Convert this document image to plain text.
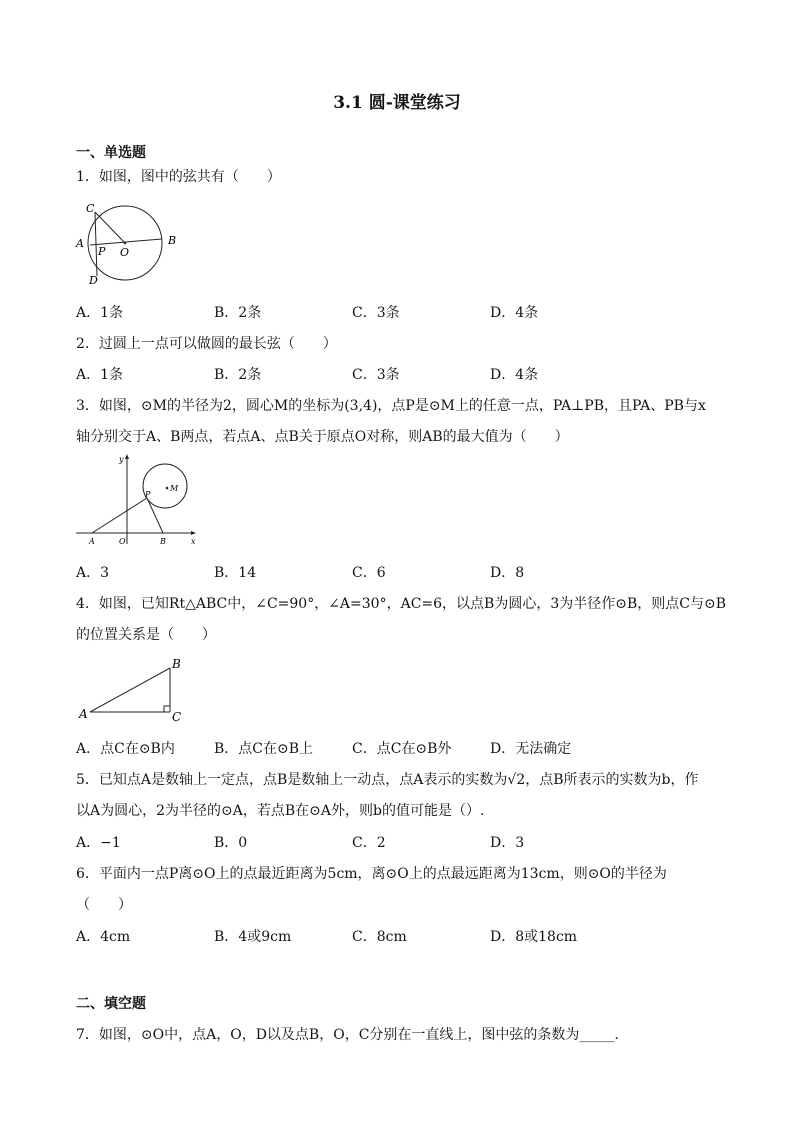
3.1 圆-课堂练习
一、单选题
1．如图，图中的弦共有（　　）
C
A
P O
B
D
A．1条	B．2条	C．3条	D．4条
2．过圆上一点可以做圆的最长弦（　　）
A．1条	B．2条	C．3条	D．4条
3．如图，⊙M的半径为2，圆心M的坐标为(3,4)，点P是⊙M上的任意一点，PA⊥PB，且PA、PB与x
轴分别交于A、B两点，若点A、点B关于原点O对称，则AB的最大值为（　　）
y
M
P
A	O	B	x
A．3	B．14	C．6	D．8
4．如图，已知Rt△ABC中，∠C=90°，∠A=30°，AC=6，以点B为圆心，3为半径作⊙B，则点C与⊙B
的位置关系是（　　）
A
B
C
A．点C在⊙B内	B．点C在⊙B上	C．点C在⊙B外	D．无法确定
5．已知点A是数轴上一定点，点B是数轴上一动点，点A表示的实数为√2，点B所表示的实数为b，作
以A为圆心，2为半径的⊙A，若点B在⊙A外，则b的值可能是（）.
A．−1	B．0	C．2	D．3
6．平面内一点P离⊙O上的点最近距离为5cm，离⊙O上的点最远距离为13cm，则⊙O的半径为
（　　）
A．4cm	B．4或9cm	C．8cm	D．8或18cm
二、填空题
7．如图，⊙O中，点A，O，D以及点B，O，C分别在一直线上，图中弦的条数为_____.
